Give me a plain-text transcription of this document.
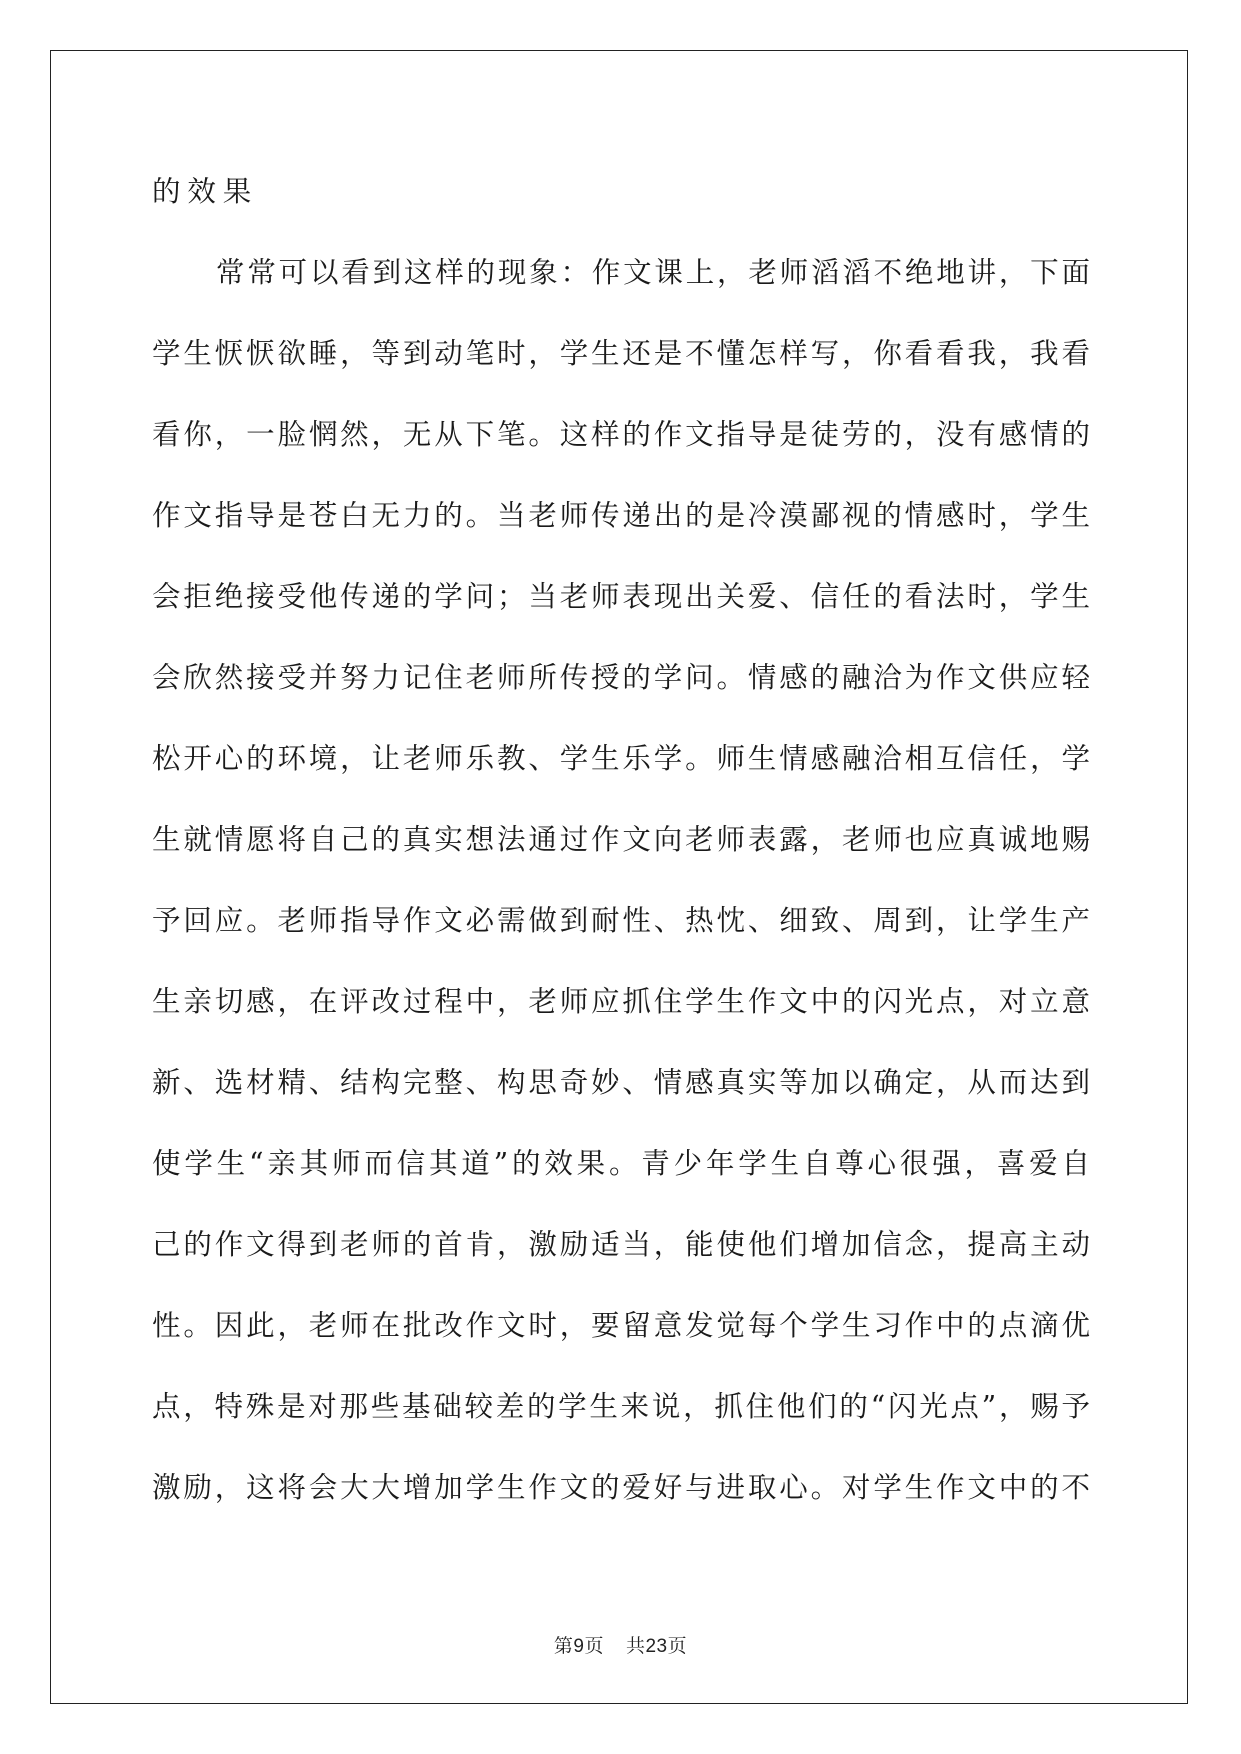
的效果
常常可以看到这样的现象：作文课上，老师滔滔不绝地讲，下面
学生恹恹欲睡，等到动笔时，学生还是不懂怎样写，你看看我，我看
看你，一脸惘然，无从下笔。这样的作文指导是徒劳的，没有感情的
作文指导是苍白无力的。当老师传递出的是冷漠鄙视的情感时，学生
会拒绝接受他传递的学问；当老师表现出关爱、信任的看法时，学生
会欣然接受并努力记住老师所传授的学问。情感的融洽为作文供应轻
松开心的环境，让老师乐教、学生乐学。师生情感融洽相互信任，学
生就情愿将自己的真实想法通过作文向老师表露，老师也应真诚地赐
予回应。老师指导作文必需做到耐性、热忱、细致、周到，让学生产
生亲切感，在评改过程中，老师应抓住学生作文中的闪光点，对立意
新、选材精、结构完整、构思奇妙、情感真实等加以确定，从而达到
使学生“亲其师而信其道”的效果。青少年学生自尊心很强，喜爱自
己的作文得到老师的首肯，激励适当，能使他们增加信念，提高主动
性。因此，老师在批改作文时，要留意发觉每个学生习作中的点滴优
点，特殊是对那些基础较差的学生来说，抓住他们的“闪光点”，赐予
激励，这将会大大增加学生作文的爱好与进取心。对学生作文中的不
第9页 共23页
